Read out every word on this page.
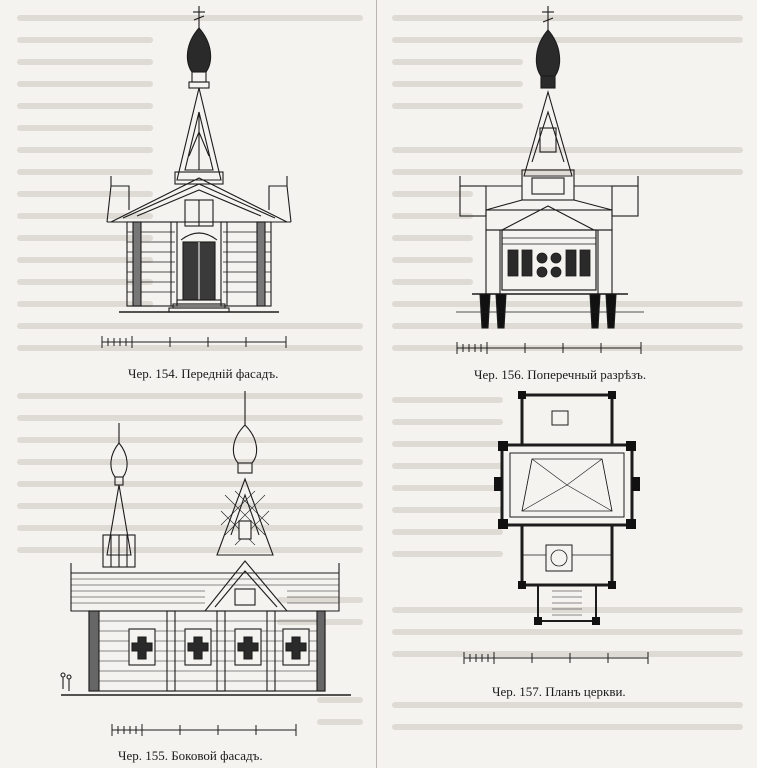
Чер. 154. Передній фасадъ.
Чер. 155. Боковой фасадъ.
Чер. 156. Поперечный разрѣзъ.
Чер. 157. Планъ церкви.
